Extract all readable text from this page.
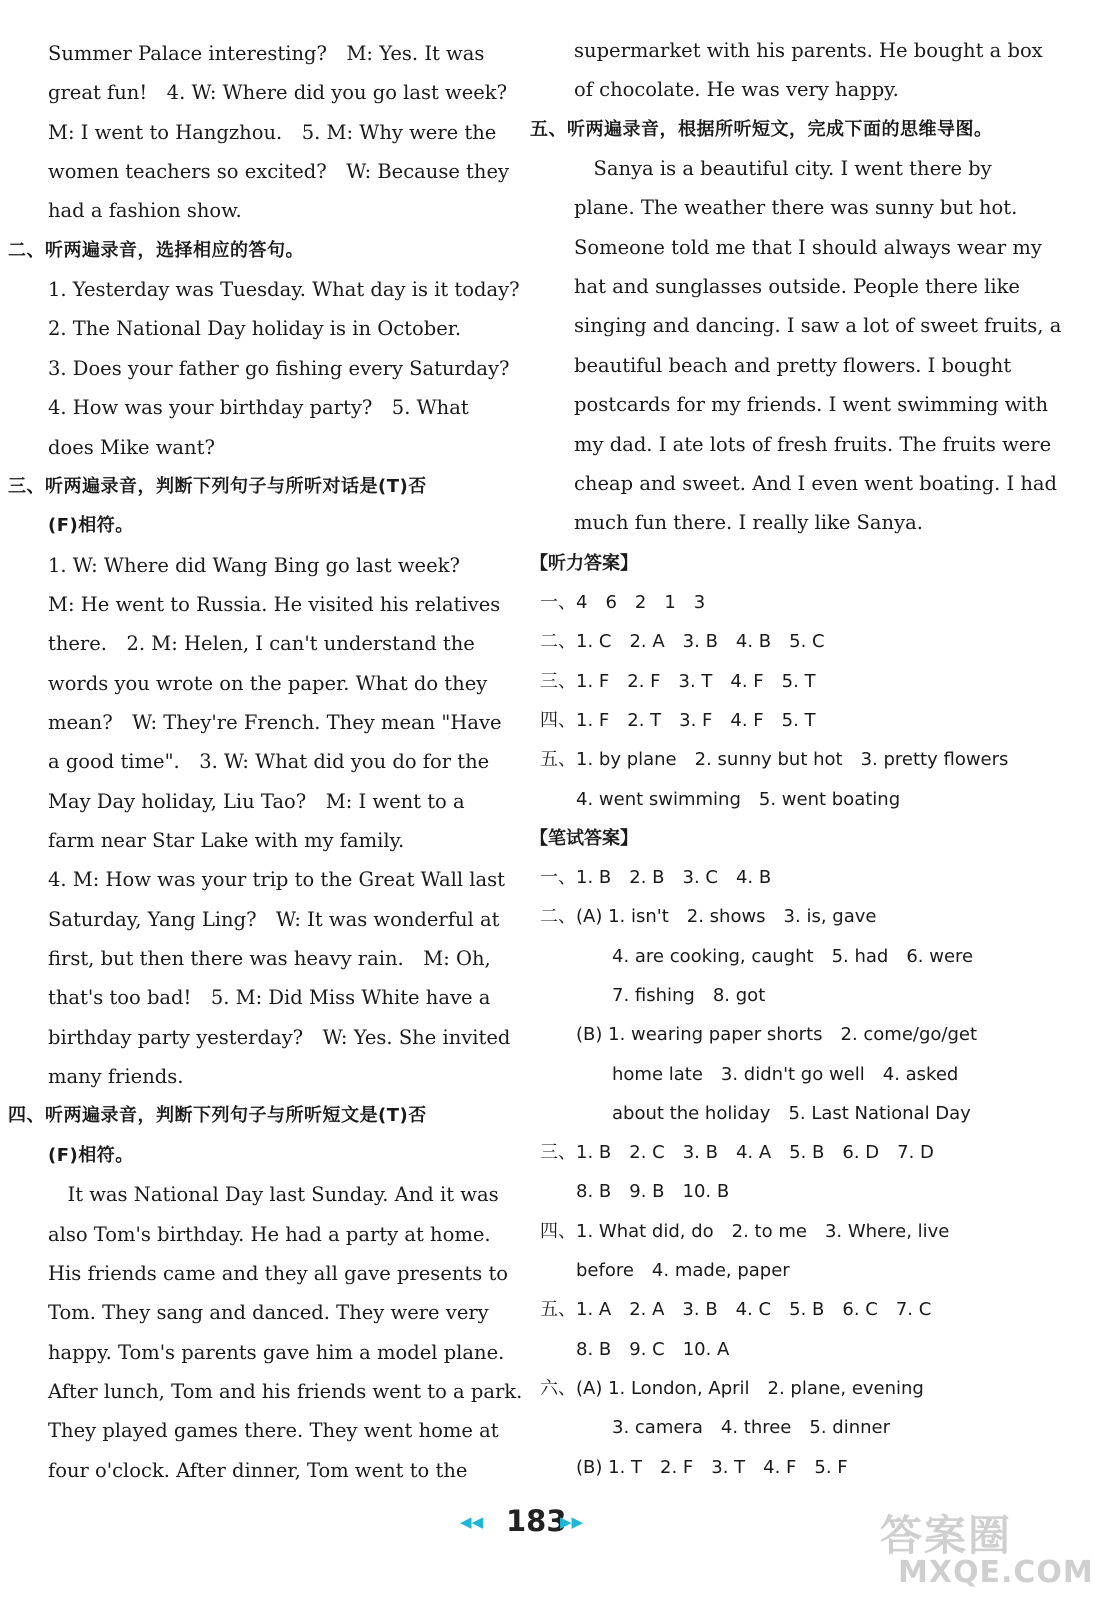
Summer Palace interesting?　M: Yes. It was
great fun!　4. W: Where did you go last week?
M: I went to Hangzhou.　5. M: Why were the
women teachers so excited?　W: Because they
had a fashion show.
二、听两遍录音，选择相应的答句。
1. Yesterday was Tuesday. What day is it today?
2. The National Day holiday is in October.
3. Does your father go fishing every Saturday?
4. How was your birthday party?　5. What
does Mike want?
三、听两遍录音，判断下列句子与所听对话是(T)否
(F)相符。
1. W: Where did Wang Bing go last week?
M: He went to Russia. He visited his relatives
there.　2. M: Helen, I can't understand the
words you wrote on the paper. What do they
mean?　W: They're French. They mean "Have
a good time".　3. W: What did you do for the
May Day holiday, Liu Tao?　M: I went to a
farm near Star Lake with my family.
4. M: How was your trip to the Great Wall last
Saturday, Yang Ling?　W: It was wonderful at
first, but then there was heavy rain.　M: Oh,
that's too bad!　5. M: Did Miss White have a
birthday party yesterday?　W: Yes. She invited
many friends.
四、听两遍录音，判断下列句子与所听短文是(T)否
(F)相符。
　It was National Day last Sunday. And it was
also Tom's birthday. He had a party at home.
His friends came and they all gave presents to
Tom. They sang and danced. They were very
happy. Tom's parents gave him a model plane.
After lunch, Tom and his friends went to a park.
They played games there. They went home at
four o'clock. After dinner, Tom went to the
supermarket with his parents. He bought a box
of chocolate. He was very happy.
五、听两遍录音，根据所听短文，完成下面的思维导图。
　Sanya is a beautiful city. I went there by
plane. The weather there was sunny but hot.
Someone told me that I should always wear my
hat and sunglasses outside. People there like
singing and dancing. I saw a lot of sweet fruits, a
beautiful beach and pretty flowers. I bought
postcards for my friends. I went swimming with
my dad. I ate lots of fresh fruits. The fruits were
cheap and sweet. And I even went boating. I had
much fun there. I really like Sanya.
【听力答案】
一、4　6　2　1　3
二、1. C　2. A　3. B　4. B　5. C
三、1. F　2. F　3. T　4. F　5. T
四、1. F　2. T　3. F　4. F　5. T
五、1. by plane　2. sunny but hot　3. pretty flowers
　　4. went swimming　5. went boating
【笔试答案】
一、1. B　2. B　3. C　4. B
二、(A) 1. isn't　2. shows　3. is, gave
　　　　4. are cooking, caught　5. had　6. were
　　　　7. fishing　8. got
　　(B) 1. wearing paper shorts　2. come/go/get
　　　　home late　3. didn't go well　4. asked
　　　　about the holiday　5. Last National Day
三、1. B　2. C　3. B　4. A　5. B　6. D　7. D
　　8. B　9. B　10. B
四、1. What did, do　2. to me　3. Where, live
　　before　4. made, paper
五、1. A　2. A　3. B　4. C　5. B　6. C　7. C
　　8. B　9. C　10. A
六、(A) 1. London, April　2. plane, evening
　　　　3. camera　4. three　5. dinner
　　(B) 1. T　2. F　3. T　4. F　5. F
◀◀ 183
▶▶	答案圈
MXQE.COM
